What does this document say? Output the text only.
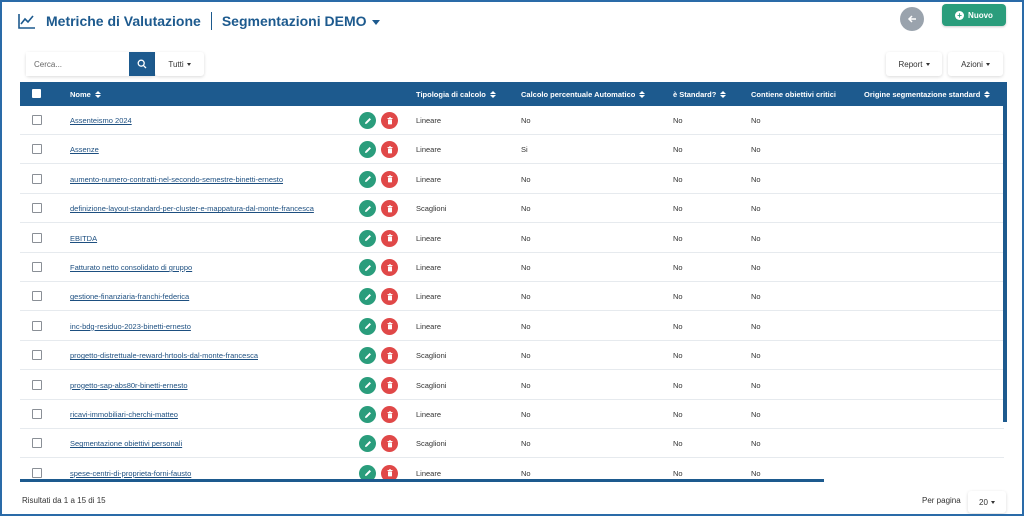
Metriche di Valutazione Segmentazioni DEMO	+ Nuovo
Cerca...
Tutti	Report	Azioni
Nome	Tipologia di calcolo	Calcolo percentuale Automatico	è Standard?	Contiene obiettivi critici	Origine segmentazione standard
Assenteismo 2024	Lineare	No	No	No
Assenze	Lineare	Si	No	No
aumento-numero-contratti-nel-secondo-semestre-binetti-ernesto	Lineare	No	No	No
definizione-layout-standard-per-cluster-e-mappatura-dal-monte-francesca	Scaglioni	No	No	No
EBITDA	Lineare	No	No	No
Fatturato netto consolidato di gruppo	Lineare	No	No	No
gestione-finanziaria-franchi-federica	Lineare	No	No	No
inc-bdg-residuo-2023-binetti-ernesto	Lineare	No	No	No
progetto-distrettuale-reward-hrtools-dal-monte-francesca	Scaglioni	No	No	No
progetto-sap-abs80r-binetti-ernesto	Scaglioni	No	No	No
ricavi-immobiliari-cherchi-matteo	Lineare	No	No	No
Segmentazione obiettivi personali	Scaglioni	No	No	No
spese-centri-di-proprieta-forni-fausto	Lineare	No	No	No
Risultati da 1 a 15 di 15	Per pagina 20
